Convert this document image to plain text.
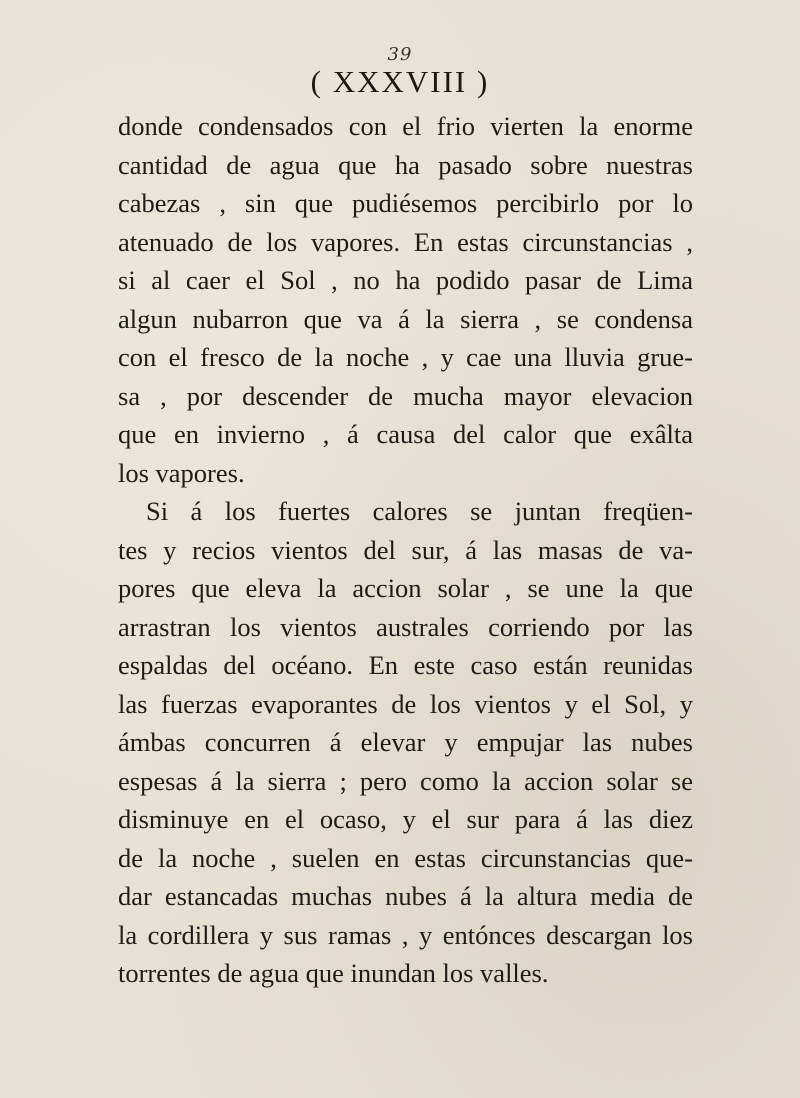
39
( XXXVIII )
donde condensados con el frio vierten la enorme
cantidad de agua que ha pasado sobre nuestras
cabezas , sin que pudiésemos percibirlo por lo
atenuado de los vapores. En estas circunstancias ,
si al caer el Sol , no ha podido pasar de Lima
algun nubarron que va á la sierra , se condensa
con el fresco de la noche , y cae una lluvia grue-
sa , por descender de mucha mayor elevacion
que en invierno , á causa del calor que exâlta
los vapores.
Si á los fuertes calores se juntan freqüen-
tes y recios vientos del sur, á las masas de va-
pores que eleva la accion solar , se une la que
arrastran los vientos australes corriendo por las
espaldas del océano. En este caso están reunidas
las fuerzas evaporantes de los vientos y el Sol, y
ámbas concurren á elevar y empujar las nubes
espesas á la sierra ; pero como la accion solar se
disminuye en el ocaso, y el sur para á las diez
de la noche , suelen en estas circunstancias que-
dar estancadas muchas nubes á la altura media de
la cordillera y sus ramas , y entónces descargan los
torrentes de agua que inundan los valles.
